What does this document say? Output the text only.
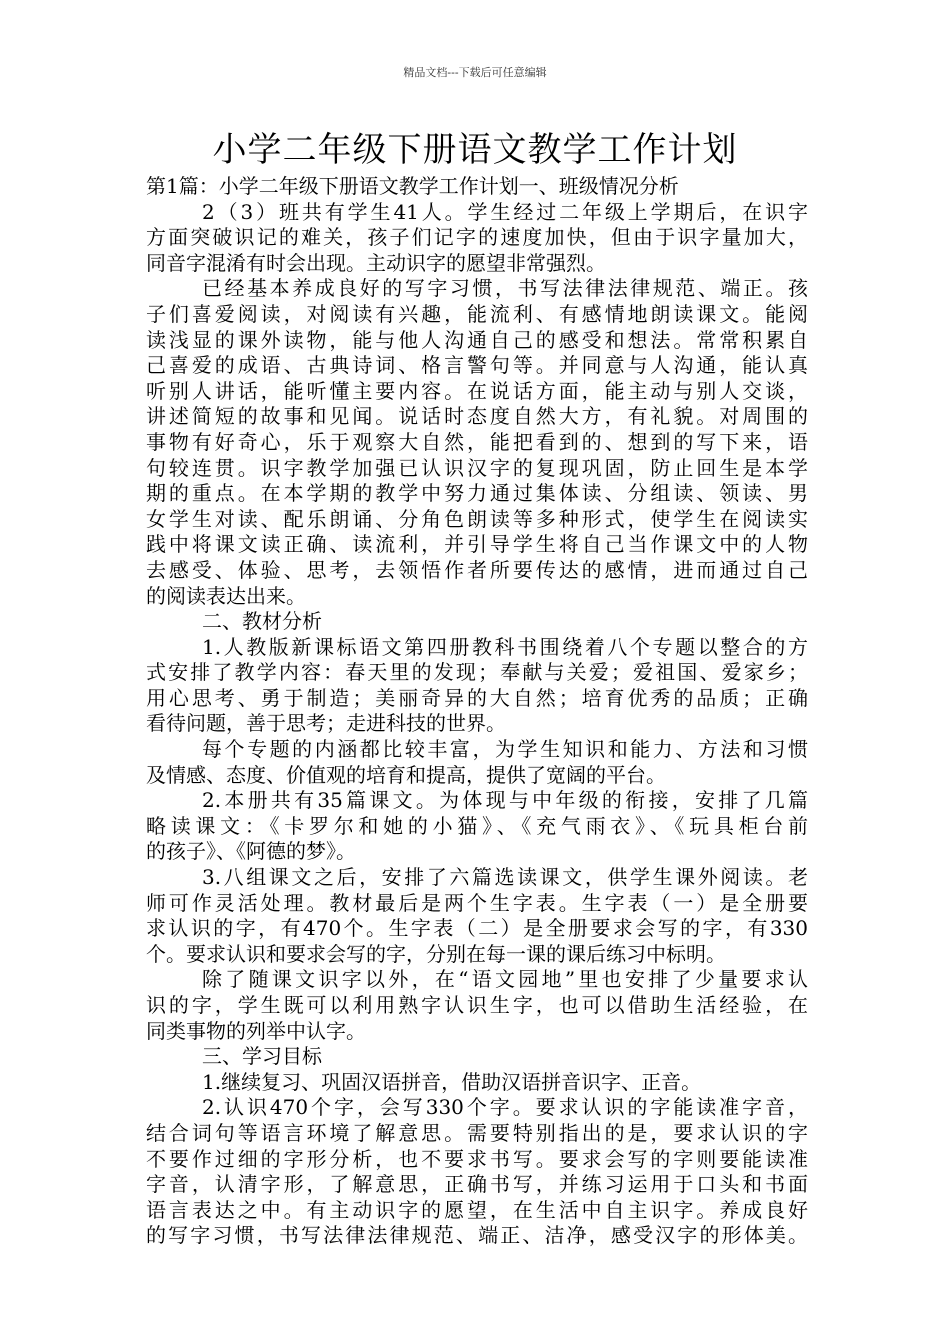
精品文档---下载后可任意编辑
小学二年级下册语文教学工作计划
第1篇：小学二年级下册语文教学工作计划一、班级情况分析
2（3）班共有学生41人。学生经过二年级上学期后，在识字
方面突破识记的难关，孩子们记字的速度加快，但由于识字量加大，
同音字混淆有时会出现。主动识字的愿望非常强烈。
已经基本养成良好的写字习惯，书写法律法律规范、端正。孩
子们喜爱阅读，对阅读有兴趣，能流利、有感情地朗读课文。能阅
读浅显的课外读物，能与他人沟通自己的感受和想法。常常积累自
己喜爱的成语、古典诗词、格言警句等。并同意与人沟通，能认真
听别人讲话，能听懂主要内容。在说话方面，能主动与别人交谈，
讲述简短的故事和见闻。说话时态度自然大方，有礼貌。对周围的
事物有好奇心，乐于观察大自然，能把看到的、想到的写下来，语
句较连贯。识字教学加强已认识汉字的复现巩固，防止回生是本学
期的重点。在本学期的教学中努力通过集体读、分组读、领读、男
女学生对读、配乐朗诵、分角色朗读等多种形式，使学生在阅读实
践中将课文读正确、读流利，并引导学生将自己当作课文中的人物
去感受、体验、思考，去领悟作者所要传达的感情，进而通过自己
的阅读表达出来。
二、教材分析
1.人教版新课标语文第四册教科书围绕着八个专题以整合的方
式安排了教学内容：春天里的发现；奉献与关爱；爱祖国、爱家乡；
用心思考、勇于制造；美丽奇异的大自然；培育优秀的品质；正确
看待问题，善于思考；走进科技的世界。
每个专题的内涵都比较丰富，为学生知识和能力、方法和习惯
及情感、态度、价值观的培育和提高，提供了宽阔的平台。
2.本册共有35篇课文。为体现与中年级的衔接，安排了几篇
略读课文：《卡罗尔和她的小猫》、《充气雨衣》、《玩具柜台前
的孩子》、《阿德的梦》。
3.八组课文之后，安排了六篇选读课文，供学生课外阅读。老
师可作灵活处理。教材最后是两个生字表。生字表（一）是全册要
求认识的字，有470个。生字表（二）是全册要求会写的字，有330
个。要求认识和要求会写的字，分别在每一课的课后练习中标明。
除了随课文识字以外，在“语文园地”里也安排了少量要求认
识的字，学生既可以利用熟字认识生字，也可以借助生活经验，在
同类事物的列举中认字。
三、学习目标
1.继续复习、巩固汉语拼音，借助汉语拼音识字、正音。
2.认识470个字，会写330个字。要求认识的字能读准字音，
结合词句等语言环境了解意思。需要特别指出的是，要求认识的字
不要作过细的字形分析，也不要求书写。要求会写的字则要能读准
字音，认清字形，了解意思，正确书写，并练习运用于口头和书面
语言表达之中。有主动识字的愿望，在生活中自主识字。养成良好
的写字习惯，书写法律法律规范、端正、洁净，感受汉字的形体美。
